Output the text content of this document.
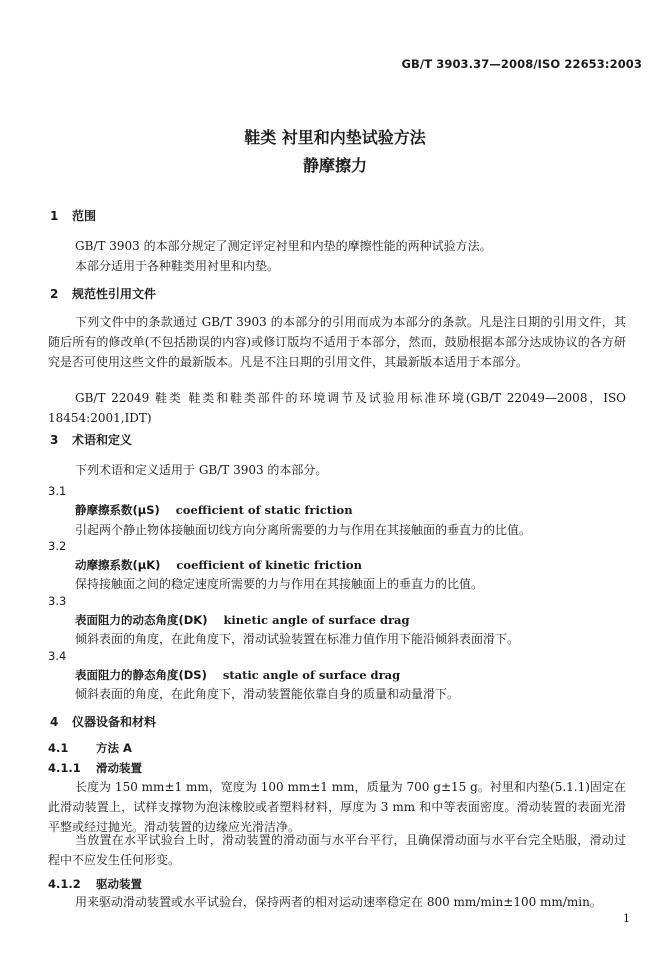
GB/T 3903.37—2008/ISO 22653:2003
鞋类 衬里和内垫试验方法
静摩擦力
1 范围
GB/T 3903 的本部分规定了测定评定衬里和内垫的摩擦性能的两种试验方法。
本部分适用于各种鞋类用衬里和内垫。
2 规范性引用文件
下列文件中的条款通过 GB/T 3903 的本部分的引用而成为本部分的条款。凡是注日期的引用文件，其随后所有的修改单(不包括勘误的内容)或修订版均不适用于本部分，然而，鼓励根据本部分达成协议的各方研究是否可使用这些文件的最新版本。凡是不注日期的引用文件，其最新版本适用于本部分。
GB/T 22049 鞋类 鞋类和鞋类部件的环境调节及试验用标准环境(GB/T 22049—2008，ISO 18454:2001,IDT)
3 术语和定义
下列术语和定义适用于 GB/T 3903 的本部分。
3.1
静摩擦系数(μS) coefficient of static friction
引起两个静止物体接触面切线方向分离所需要的力与作用在其接触面的垂直力的比值。
3.2
动摩擦系数(μK) coefficient of kinetic friction
保持接触面之间的稳定速度所需要的力与作用在其接触面上的垂直力的比值。
3.3
表面阻力的动态角度(DK) kinetic angle of surface drag
倾斜表面的角度，在此角度下，滑动试验装置在标准力值作用下能沿倾斜表面滑下。
3.4
表面阻力的静态角度(DS) static angle of surface drag
倾斜表面的角度，在此角度下，滑动装置能依靠自身的质量和动量滑下。
4 仪器设备和材料
4.1 方法 A
4.1.1 滑动装置
长度为 150 mm±1 mm，宽度为 100 mm±1 mm，质量为 700 g±15 g。衬里和内垫(5.1.1)固定在此滑动装置上，试样支撑物为泡沫橡胶或者塑料材料，厚度为 3 mm 和中等表面密度。滑动装置的表面光滑平整或经过抛光。滑动装置的边缘应光滑洁净。
当放置在水平试验台上时，滑动装置的滑动面与水平台平行，且确保滑动面与水平台完全贴服，滑动过程中不应发生任何形变。
4.1.2 驱动装置
用来驱动滑动装置或水平试验台，保持两者的相对运动速率稳定在 800 mm/min±100 mm/min。
1
